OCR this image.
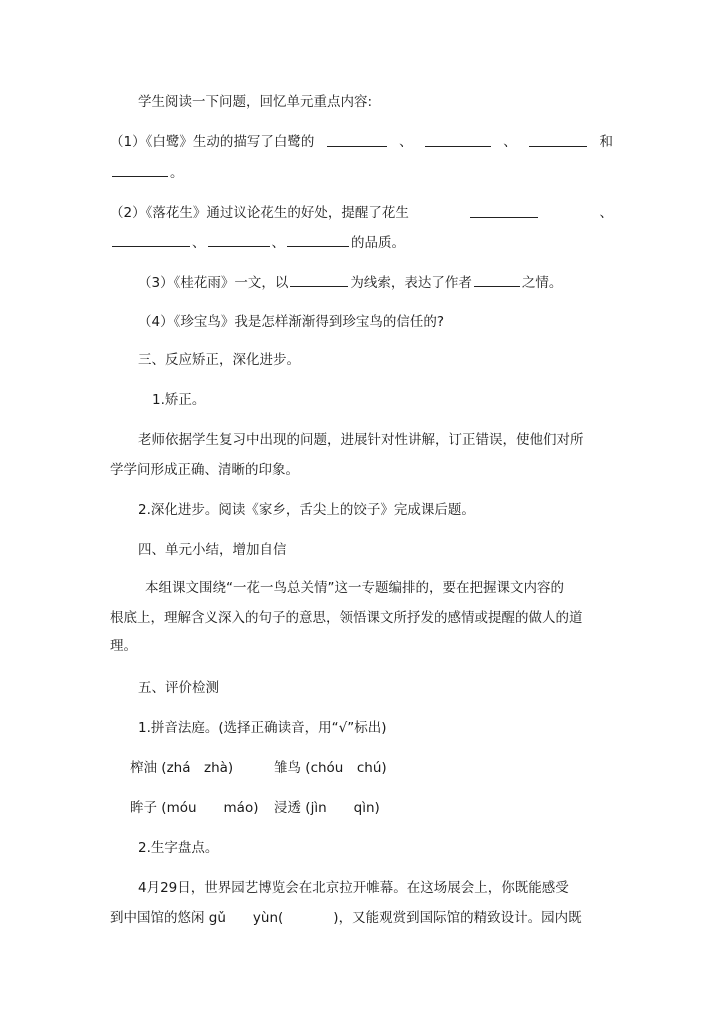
学生阅读一下问题，回忆单元重点内容:
（1）《白鹭》生动的描写了白鹭的	、	、	和
。
（2）《落花生》通过议论花生的好处，提醒了花生	、
、	、	的品质。
（3）《桂花雨》一文，以	为线索，表达了作者	之情。
（4）《珍宝鸟》我是怎样渐渐得到珍宝鸟的信任的?
三、反应矫正，深化进步。
1.矫正。
老师依据学生复习中出现的问题，进展针对性讲解，订正错误，使他们对所
学学问形成正确、清晰的印象。
2.深化进步。阅读《家乡，舌尖上的饺子》完成课后题。
四、单元小结，增加自信
本组课文围绕“一花一鸟总关情”这一专题编排的，要在把握课文内容的
根底上，理解含义深入的句子的意思，领悟课文所抒发的感情或提醒的做人的道
理。
五、评价检测
1.拼音法庭。(选择正确读音，用“√”标出)
榨油 (zhá　zhà)	雏鸟 (chóu　chú)
眸子 (móu　　máo) 浸透 (jìn　　qìn)
2.生字盘点。
4月29日，世界园艺博览会在北京拉开帷幕。在这场展会上，你既能感受
到中国馆的悠闲 gǔ　　yùn(	)，又能观赏到国际馆的精致设计。园内既
